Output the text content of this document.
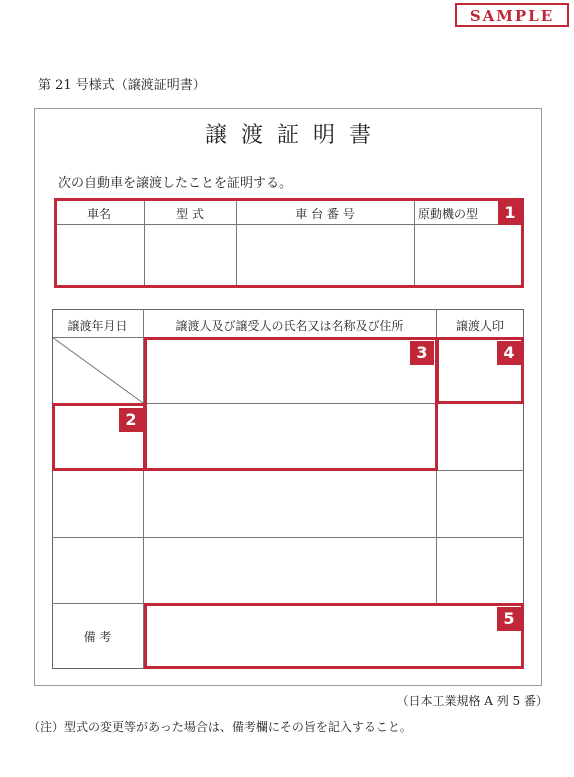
SAMPLE
第 21 号様式（譲渡証明書）
譲渡証明書
次の自動車を譲渡したことを証明する。
車名	型 式	車 台 番 号	原動機の型	1
譲渡年月日	譲渡人及び譲受人の氏名又は名称及び住所	譲渡人印
備 考
2
3	4
5
（日本工業規格 A 列 5 番）
（注）型式の変更等があった場合は、備考欄にその旨を記入すること。
